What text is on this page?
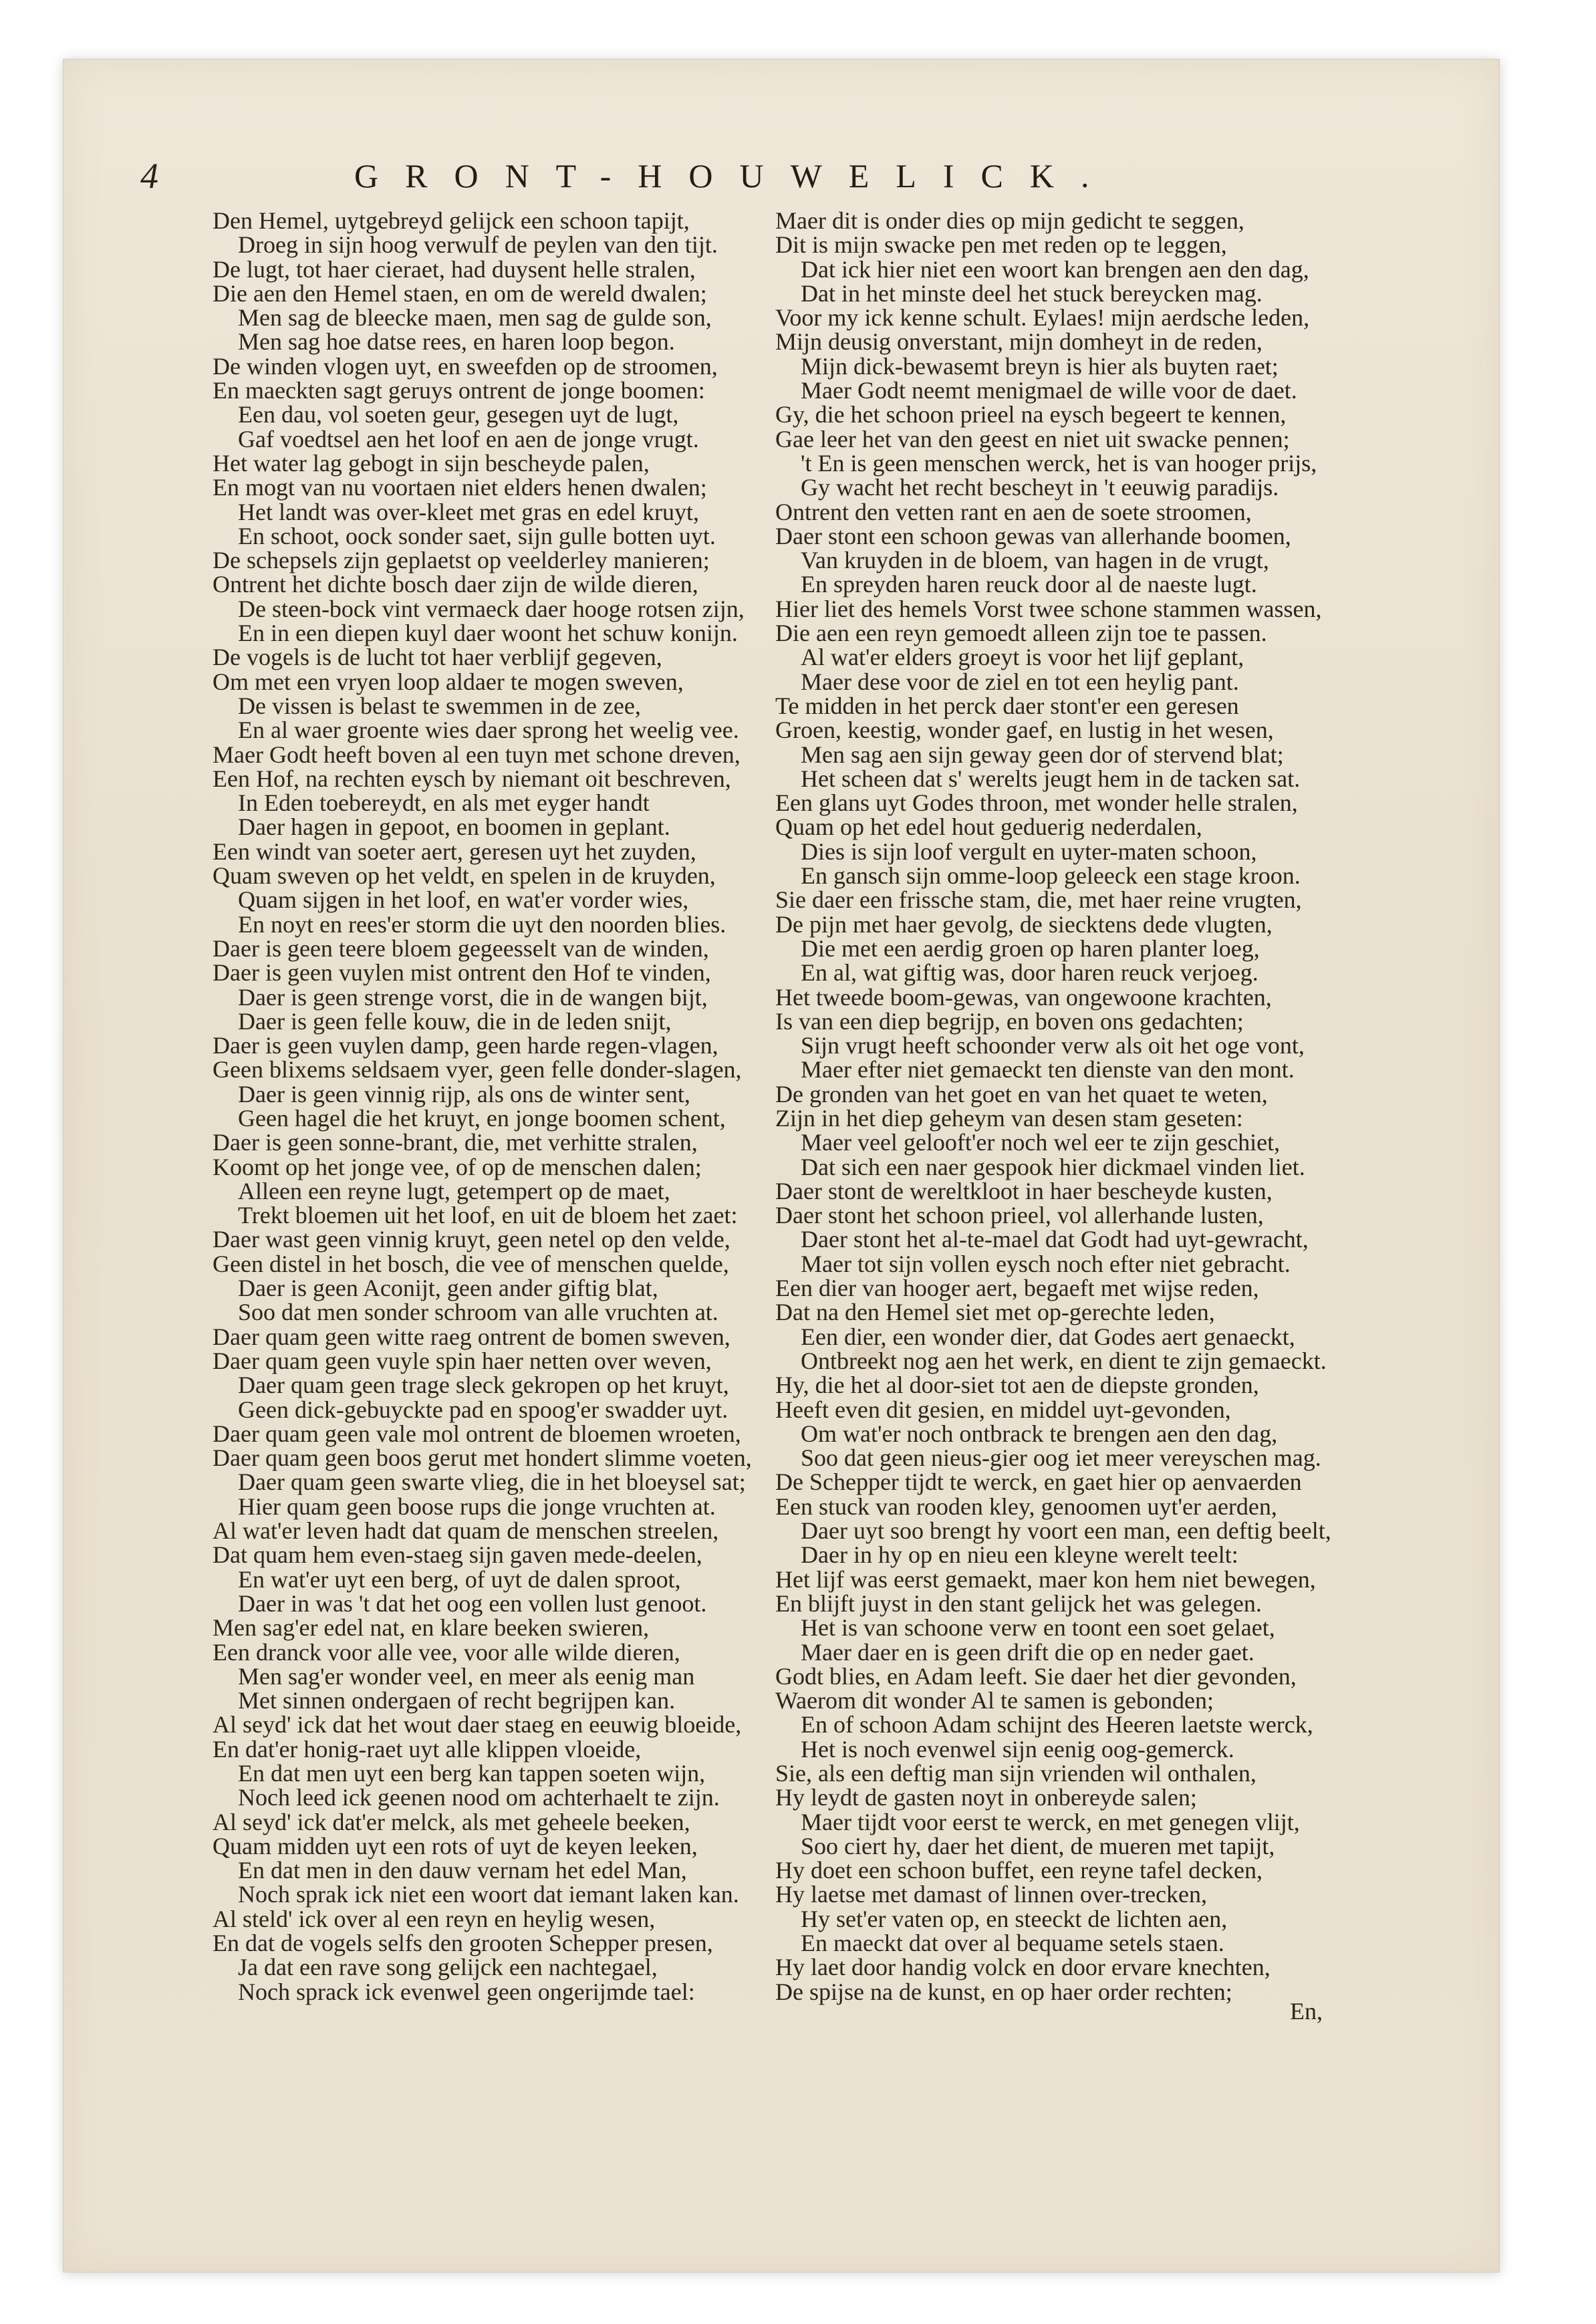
4	GRONT-HOUWELICK.
Den Hemel, uytgebreyd gelijck een schoon tapijt,
Droeg in sijn hoog verwulf de peylen van den tijt.
De lugt, tot haer cieraet, had duysent helle stralen,
Die aen den Hemel staen, en om de wereld dwalen;
Men sag de bleecke maen, men sag de gulde son,
Men sag hoe datse rees, en haren loop begon.
De winden vlogen uyt, en sweefden op de stroomen,
En maeckten sagt geruys ontrent de jonge boomen:
Een dau, vol soeten geur, gesegen uyt de lugt,
Gaf voedtsel aen het loof en aen de jonge vrugt.
Het water lag gebogt in sijn bescheyde palen,
En mogt van nu voortaen niet elders henen dwalen;
Het landt was over-kleet met gras en edel kruyt,
En schoot, oock sonder saet, sijn gulle botten uyt.
De schepsels zijn geplaetst op veelderley manieren;
Ontrent het dichte bosch daer zijn de wilde dieren,
De steen-bock vint vermaeck daer hooge rotsen zijn,
En in een diepen kuyl daer woont het schuw konijn.
De vogels is de lucht tot haer verblijf gegeven,
Om met een vryen loop aldaer te mogen sweven,
De vissen is belast te swemmen in de zee,
En al waer groente wies daer sprong het weelig vee.
Maer Godt heeft boven al een tuyn met schone dreven,
Een Hof, na rechten eysch by niemant oit beschreven,
In Eden toebereydt, en als met eyger handt
Daer hagen in gepoot, en boomen in geplant.
Een windt van soeter aert, geresen uyt het zuyden,
Quam sweven op het veldt, en spelen in de kruyden,
Quam sijgen in het loof, en wat'er vorder wies,
En noyt en rees'er storm die uyt den noorden blies.
Daer is geen teere bloem gegeesselt van de winden,
Daer is geen vuylen mist ontrent den Hof te vinden,
Daer is geen strenge vorst, die in de wangen bijt,
Daer is geen felle kouw, die in de leden snijt,
Daer is geen vuylen damp, geen harde regen-vlagen,
Geen blixems seldsaem vyer, geen felle donder-slagen,
Daer is geen vinnig rijp, als ons de winter sent,
Geen hagel die het kruyt, en jonge boomen schent,
Daer is geen sonne-brant, die, met verhitte stralen,
Koomt op het jonge vee, of op de menschen dalen;
Alleen een reyne lugt, getempert op de maet,
Trekt bloemen uit het loof, en uit de bloem het zaet:
Daer wast geen vinnig kruyt, geen netel op den velde,
Geen distel in het bosch, die vee of menschen quelde,
Daer is geen Aconijt, geen ander giftig blat,
Soo dat men sonder schroom van alle vruchten at.
Daer quam geen witte raeg ontrent de bomen sweven,
Daer quam geen vuyle spin haer netten over weven,
Daer quam geen trage sleck gekropen op het kruyt,
Geen dick-gebuyckte pad en spoog'er swadder uyt.
Daer quam geen vale mol ontrent de bloemen wroeten,
Daer quam geen boos gerut met hondert slimme voeten,
Daer quam geen swarte vlieg, die in het bloeysel sat;
Hier quam geen boose rups die jonge vruchten at.
Al wat'er leven hadt dat quam de menschen streelen,
Dat quam hem even-staeg sijn gaven mede-deelen,
En wat'er uyt een berg, of uyt de dalen sproot,
Daer in was 't dat het oog een vollen lust genoot.
Men sag'er edel nat, en klare beeken swieren,
Een dranck voor alle vee, voor alle wilde dieren,
Men sag'er wonder veel, en meer als eenig man
Met sinnen ondergaen of recht begrijpen kan.
Al seyd' ick dat het wout daer staeg en eeuwig bloeide,
En dat'er honig-raet uyt alle klippen vloeide,
En dat men uyt een berg kan tappen soeten wijn,
Noch leed ick geenen nood om achterhaelt te zijn.
Al seyd' ick dat'er melck, als met geheele beeken,
Quam midden uyt een rots of uyt de keyen leeken,
En dat men in den dauw vernam het edel Man,
Noch sprak ick niet een woort dat iemant laken kan.
Al steld' ick over al een reyn en heylig wesen,
En dat de vogels selfs den grooten Schepper presen,
Ja dat een rave song gelijck een nachtegael,
Noch sprack ick evenwel geen ongerijmde tael:
Maer dit is onder dies op mijn gedicht te seggen,
Dit is mijn swacke pen met reden op te leggen,
Dat ick hier niet een woort kan brengen aen den dag,
Dat in het minste deel het stuck bereycken mag.
Voor my ick kenne schult. Eylaes! mijn aerdsche leden,
Mijn deusig onverstant, mijn domheyt in de reden,
Mijn dick-bewasemt breyn is hier als buyten raet;
Maer Godt neemt menigmael de wille voor de daet.
Gy, die het schoon prieel na eysch begeert te kennen,
Gae leer het van den geest en niet uit swacke pennen;
't En is geen menschen werck, het is van hooger prijs,
Gy wacht het recht bescheyt in 't eeuwig paradijs.
Ontrent den vetten rant en aen de soete stroomen,
Daer stont een schoon gewas van allerhande boomen,
Van kruyden in de bloem, van hagen in de vrugt,
En spreyden haren reuck door al de naeste lugt.
Hier liet des hemels Vorst twee schone stammen wassen,
Die aen een reyn gemoedt alleen zijn toe te passen.
Al wat'er elders groeyt is voor het lijf geplant,
Maer dese voor de ziel en tot een heylig pant.
Te midden in het perck daer stont'er een geresen
Groen, keestig, wonder gaef, en lustig in het wesen,
Men sag aen sijn geway geen dor of stervend blat;
Het scheen dat s' werelts jeugt hem in de tacken sat.
Een glans uyt Godes throon, met wonder helle stralen,
Quam op het edel hout geduerig nederdalen,
Dies is sijn loof vergult en uyter-maten schoon,
En gansch sijn omme-loop geleeck een stage kroon.
Sie daer een frissche stam, die, met haer reine vrugten,
De pijn met haer gevolg, de siecktens dede vlugten,
Die met een aerdig groen op haren planter loeg,
En al, wat giftig was, door haren reuck verjoeg.
Het tweede boom-gewas, van ongewoone krachten,
Is van een diep begrijp, en boven ons gedachten;
Sijn vrugt heeft schoonder verw als oit het oge vont,
Maer efter niet gemaeckt ten dienste van den mont.
De gronden van het goet en van het quaet te weten,
Zijn in het diep geheym van desen stam geseten:
Maer veel gelooft'er noch wel eer te zijn geschiet,
Dat sich een naer gespook hier dickmael vinden liet.
Daer stont de wereltkloot in haer bescheyde kusten,
Daer stont het schoon prieel, vol allerhande lusten,
Daer stont het al-te-mael dat Godt had uyt-gewracht,
Maer tot sijn vollen eysch noch efter niet gebracht.
Een dier van hooger aert, begaeft met wijse reden,
Dat na den Hemel siet met op-gerechte leden,
Een dier, een wonder dier, dat Godes aert genaeckt,
Ontbreekt nog aen het werk, en dient te zijn gemaeckt.
Hy, die het al door-siet tot aen de diepste gronden,
Heeft even dit gesien, en middel uyt-gevonden,
Om wat'er noch ontbrack te brengen aen den dag,
Soo dat geen nieus-gier oog iet meer vereyschen mag.
De Schepper tijdt te werck, en gaet hier op aenvaerden
Een stuck van rooden kley, genoomen uyt'er aerden,
Daer uyt soo brengt hy voort een man, een deftig beelt,
Daer in hy op en nieu een kleyne werelt teelt:
Het lijf was eerst gemaekt, maer kon hem niet bewegen,
En blijft juyst in den stant gelijck het was gelegen.
Het is van schoone verw en toont een soet gelaet,
Maer daer en is geen drift die op en neder gaet.
Godt blies, en Adam leeft. Sie daer het dier gevonden,
Waerom dit wonder Al te samen is gebonden;
En of schoon Adam schijnt des Heeren laetste werck,
Het is noch evenwel sijn eenig oog-gemerck.
Sie, als een deftig man sijn vrienden wil onthalen,
Hy leydt de gasten noyt in onbereyde salen;
Maer tijdt voor eerst te werck, en met genegen vlijt,
Soo ciert hy, daer het dient, de mueren met tapijt,
Hy doet een schoon buffet, een reyne tafel decken,
Hy laetse met damast of linnen over-trecken,
Hy set'er vaten op, en steeckt de lichten aen,
En maeckt dat over al bequame setels staen.
Hy laet door handig volck en door ervare knechten,
De spijse na de kunst, en op haer order rechten;
En,
